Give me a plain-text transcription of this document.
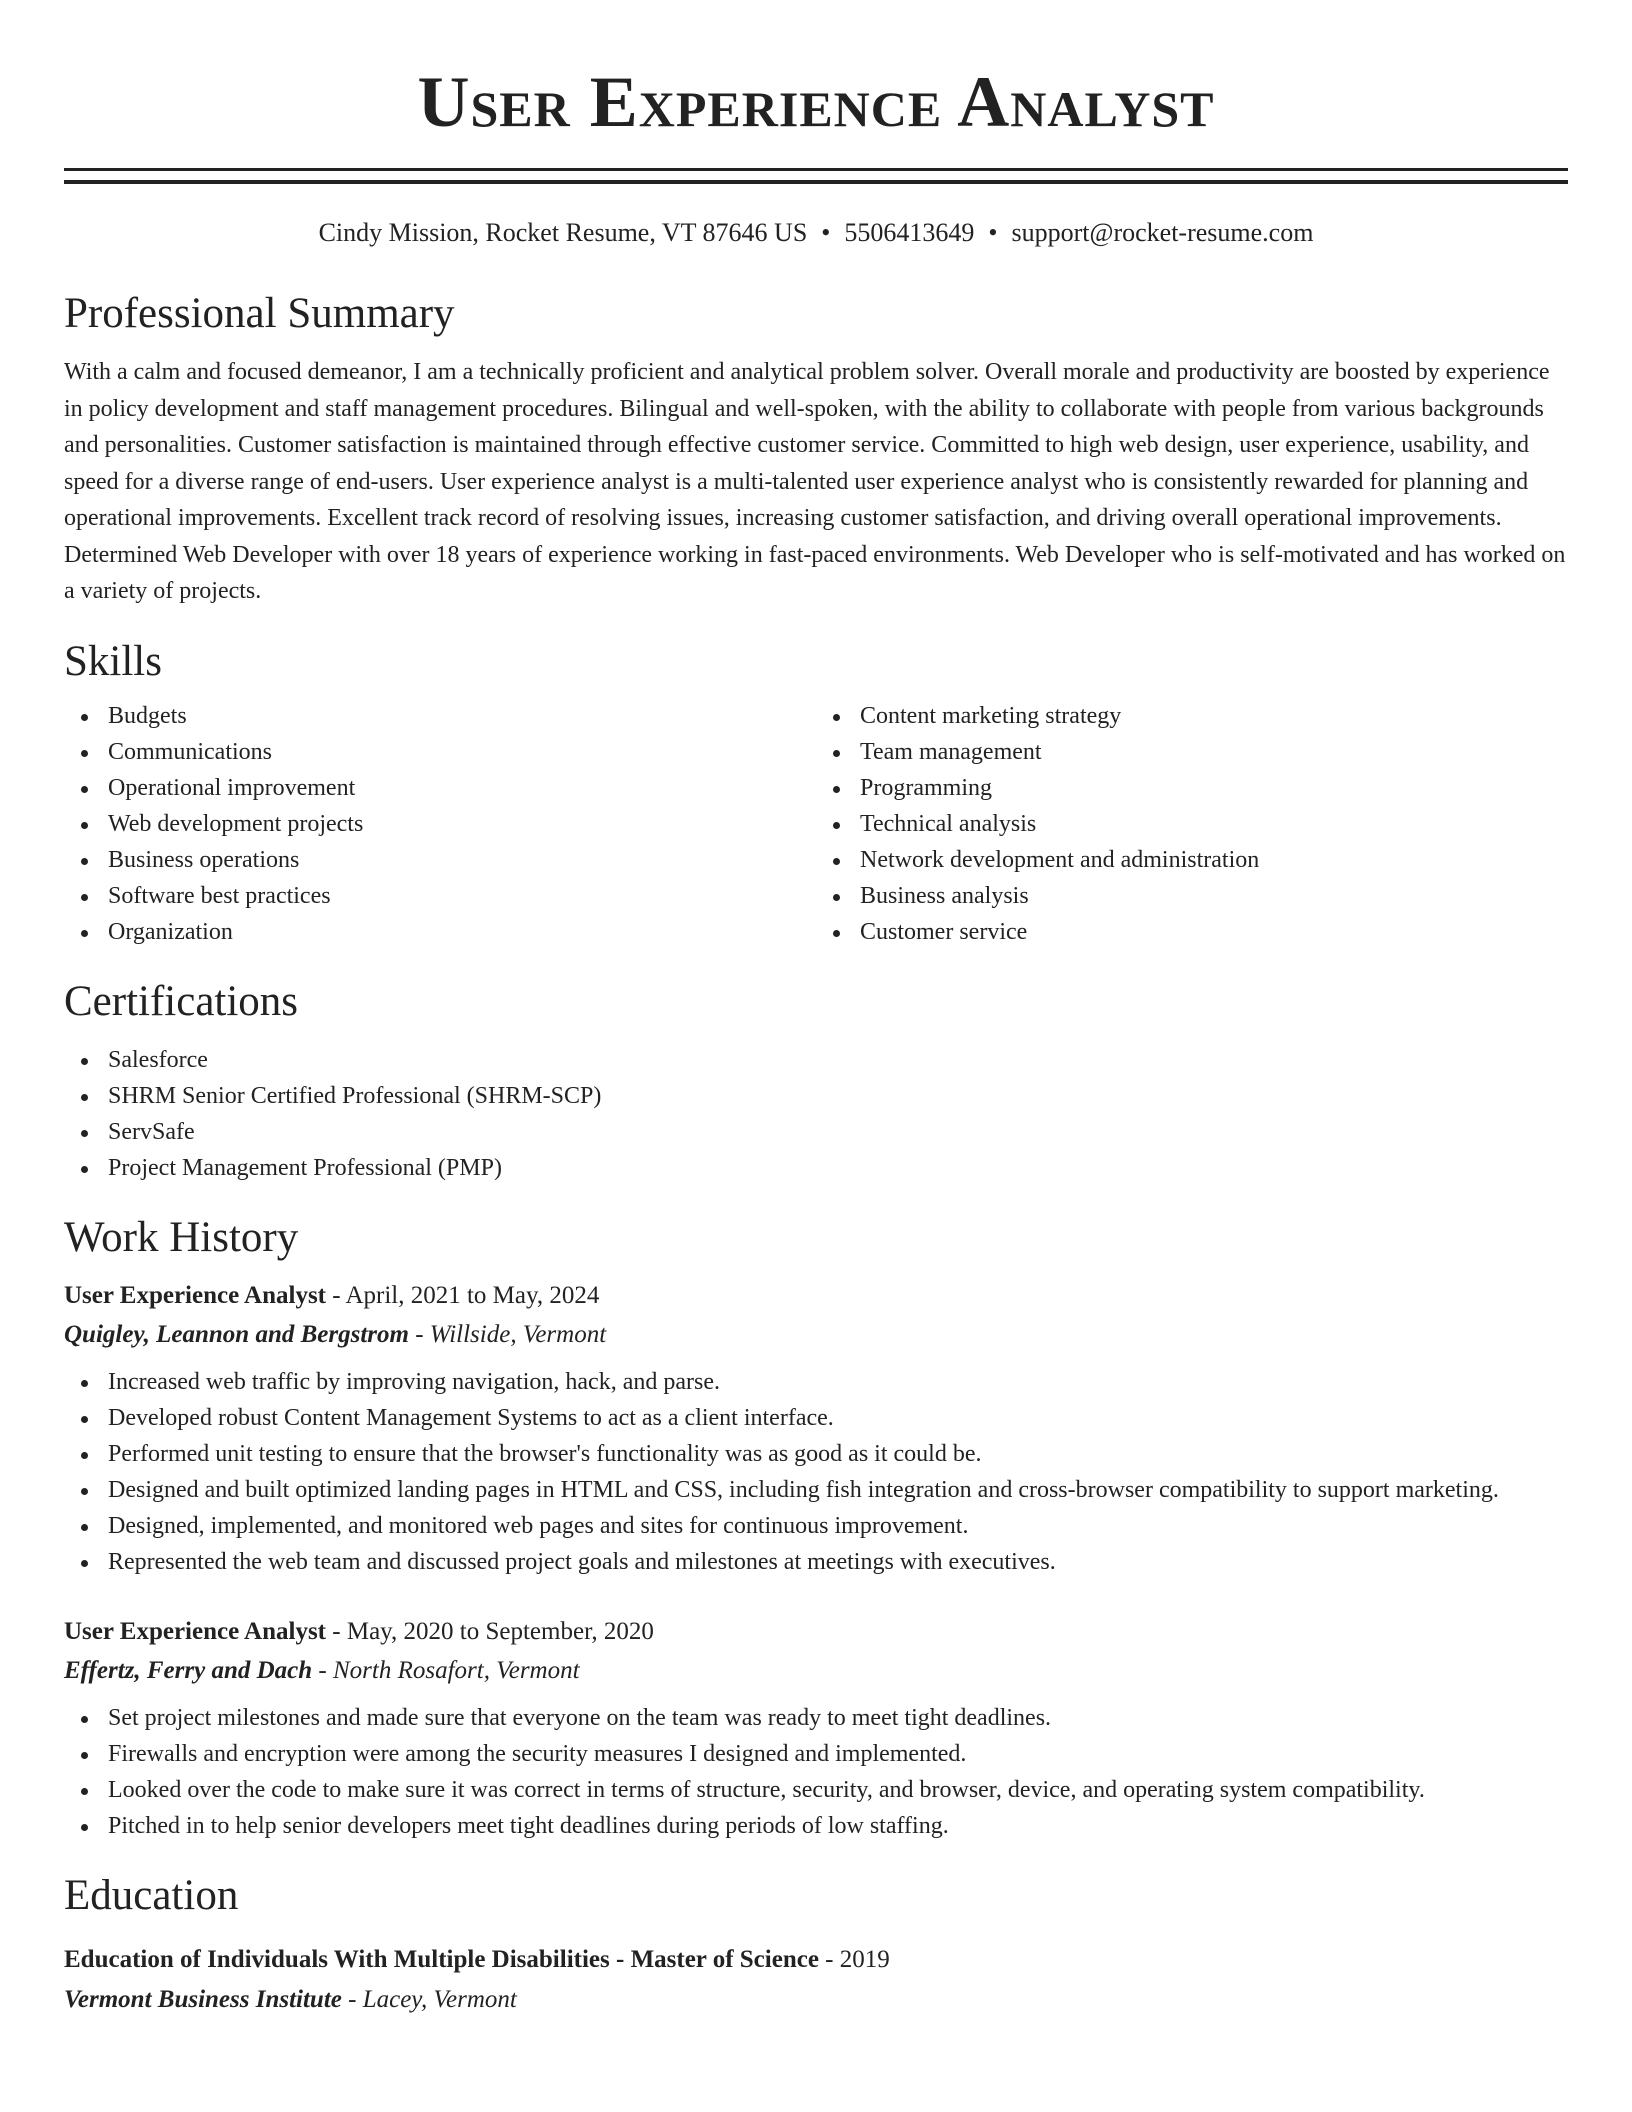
User Experience Analyst
Cindy Mission, Rocket Resume, VT 87646 US • 5506413649 • support@rocket-resume.com
Professional Summary

With a calm and focused demeanor, I am a technically proficient and analytical problem solver. Overall morale and productivity are boosted by experience in policy development and staff management procedures. Bilingual and well-spoken, with the ability to collaborate with people from various backgrounds and personalities. Customer satisfaction is maintained through effective customer service. Committed to high web design, user experience, usability, and speed for a diverse range of end-users. User experience analyst is a multi-talented user experience analyst who is consistently rewarded for planning and operational improvements. Excellent track record of resolving issues, increasing customer satisfaction, and driving overall operational improvements. Determined Web Developer with over 18 years of experience working in fast-paced environments. Web Developer who is self-motivated and has worked on a variety of projects.

Skills
Budgets
Communications
Operational improvement
Web development projects
Business operations
Software best practices
Organization
Content marketing strategy
Team management
Programming
Technical analysis
Network development and administration
Business analysis
Customer service
Certifications
Salesforce
SHRM Senior Certified Professional (SHRM-SCP)
ServSafe
Project Management Professional (PMP)
Work History
User Experience Analyst - April, 2021 to May, 2024
Quigley, Leannon and Bergstrom - Willside, Vermont
Increased web traffic by improving navigation, hack, and parse.
Developed robust Content Management Systems to act as a client interface.
Performed unit testing to ensure that the browser's functionality was as good as it could be.
Designed and built optimized landing pages in HTML and CSS, including fish integration and cross-browser compatibility to support marketing.
Designed, implemented, and monitored web pages and sites for continuous improvement.
Represented the web team and discussed project goals and milestones at meetings with executives.
User Experience Analyst - May, 2020 to September, 2020
Effertz, Ferry and Dach - North Rosafort, Vermont
Set project milestones and made sure that everyone on the team was ready to meet tight deadlines.
Firewalls and encryption were among the security measures I designed and implemented.
Looked over the code to make sure it was correct in terms of structure, security, and browser, device, and operating system compatibility.
Pitched in to help senior developers meet tight deadlines during periods of low staffing.
Education
Education of Individuals With Multiple Disabilities - Master of Science - 2019
Vermont Business Institute - Lacey, Vermont
